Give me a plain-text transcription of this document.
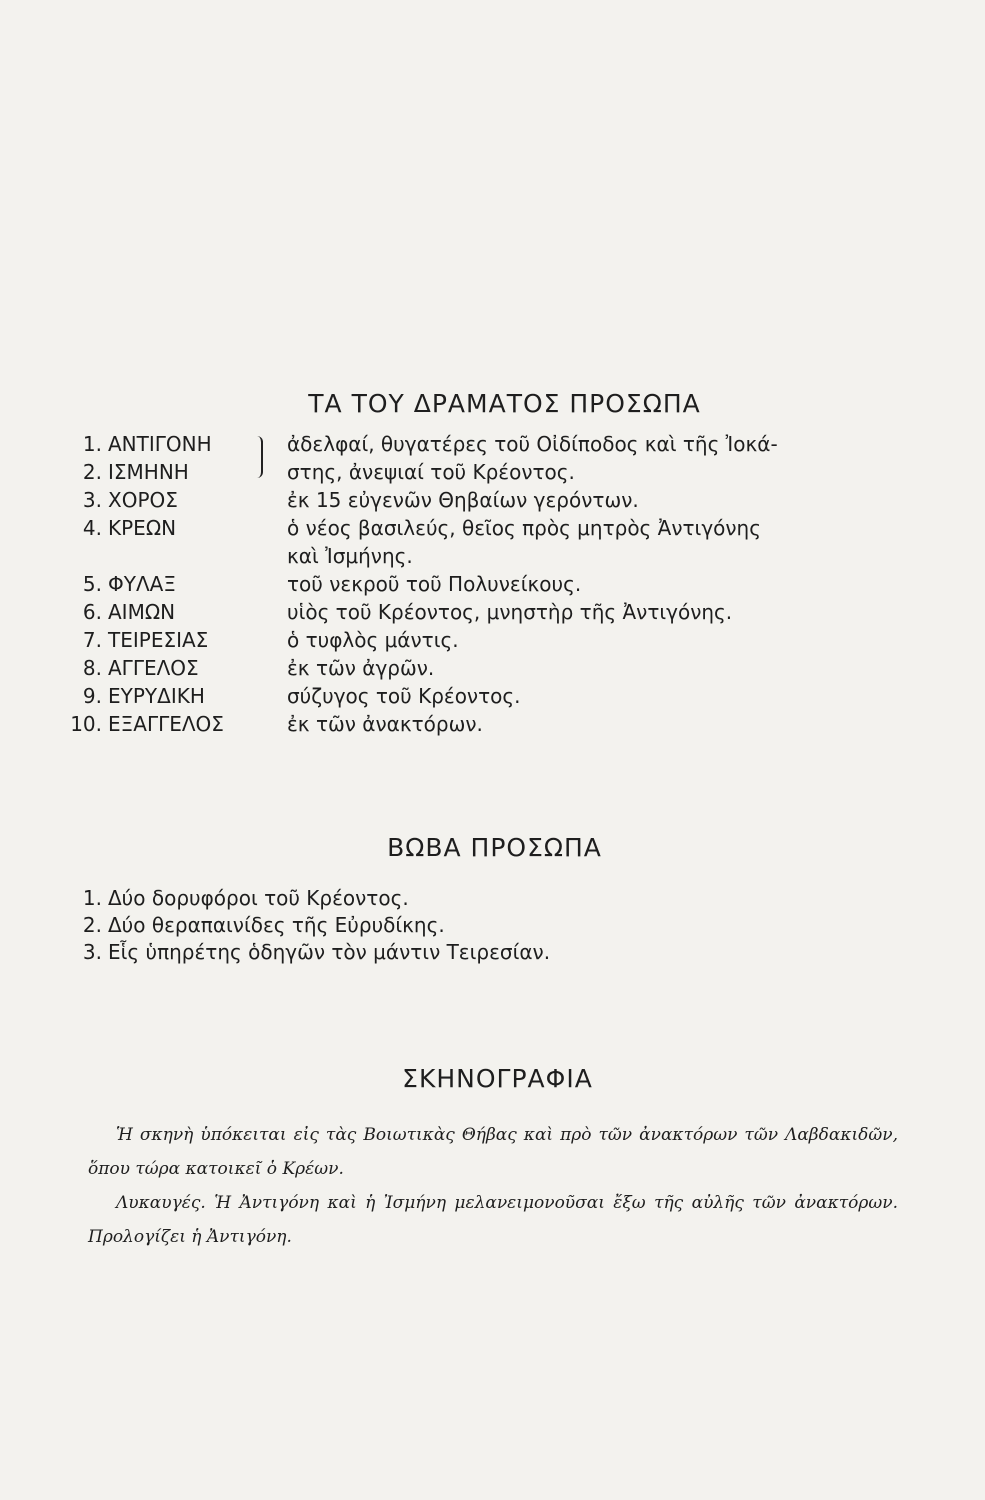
ΤΑ ΤΟΥ ΔΡΑΜΑΤΟΣ ΠΡΟΣΩΠΑ
1. ΑΝΤΙΓΟΝΗ	ἀδελφαί, θυγατέρες τοῦ Οἰδίποδος καὶ τῆς Ἰοκά-
2. ΙΣΜΗΝΗ	στης, ἀνεψιαί τοῦ Κρέοντος.
3. ΧΟΡΟΣ	ἐκ 15 εὐγενῶν Θηβαίων γερόντων.
4. ΚΡΕΩΝ	ὁ νέος βασιλεύς, θεῖος πρὸς μητρὸς Ἀντιγόνης
καὶ Ἰσμήνης.
5. ΦΥΛΑΞ	τοῦ νεκροῦ τοῦ Πολυνείκους.
6. ΑΙΜΩΝ	υἱὸς τοῦ Κρέοντος, μνηστὴρ τῆς Ἀντιγόνης.
7. ΤΕΙΡΕΣΙΑΣ	ὁ τυφλὸς μάντις.
8. ΑΓΓΕΛΟΣ	ἐκ τῶν ἀγρῶν.
9. ΕΥΡΥΔΙΚΗ	σύζυγος τοῦ Κρέοντος.
10. ΕΞΑΓΓΕΛΟΣ	ἐκ τῶν ἀνακτόρων.
ΒΩΒΑ ΠΡΟΣΩΠΑ
1. Δύο δορυφόροι τοῦ Κρέοντος.
2. Δύο θεραπαινίδες τῆς Εὐρυδίκης.
3. Εἷς ὑπηρέτης ὁδηγῶν τὸν μάντιν Τειρεσίαν.
ΣΚΗΝΟΓΡΑΦΙΑ

Ἡ σκηνὴ ὑπόκειται εἰς τὰς Βοιωτικὰς Θήβας καὶ πρὸ τῶν ἀνακτόρων τῶν Λαβδακιδῶν, ὅπου τώρα κατοικεῖ ὁ Κρέων.

Λυκαυγές. Ἡ Ἀντιγόνη καὶ ἡ Ἰσμήνη μελανειμονοῦσαι ἔξω τῆς αὐλῆς τῶν ἀνακτόρων. Προλογίζει ἡ Ἀντιγόνη.
